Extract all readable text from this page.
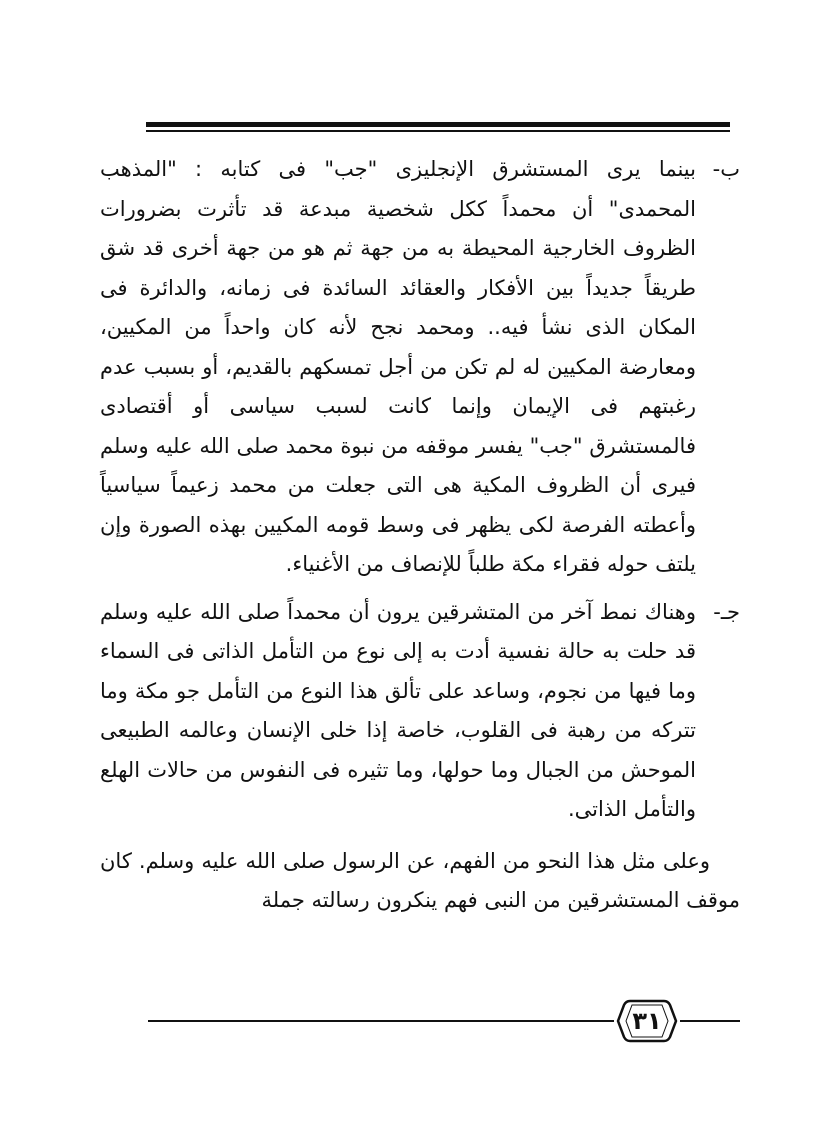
ب-
بينما يرى المستشرق الإنجليزى "جب" فى كتابه : "المذهب المحمدى" أن محمداً ككل شخصية مبدعة قد تأثرت بضرورات الظروف الخارجية المحيطة به من جهة ثم هو من جهة أخرى قد شق طريقاً جديداً بين الأفكار والعقائد السائدة فى زمانه، والدائرة فى المكان الذى نشأ فيه.. ومحمد نجح لأنه كان واحداً من المكيين، ومعارضة المكيين له لم تكن من أجل تمسكهم بالقديم، أو بسبب عدم رغبتهم فى الإيمان وإنما كانت لسبب سياسى أو أقتصادى فالمستشرق "جب" يفسر موقفه من نبوة محمد صلى الله عليه وسلم فيرى أن الظروف المكية هى التى جعلت من محمد زعيماً سياسياً وأعطته الفرصة لكى يظهر فى وسط قومه المكيين بهذه الصورة وإن يلتف حوله فقراء مكة طلباً للإنصاف من الأغنياء.

جـ-
وهناك نمط آخر من المتشرقين يرون أن محمداً صلى الله عليه وسلم قد حلت به حالة نفسية أدت به إلى نوع من التأمل الذاتى فى السماء وما فيها من نجوم، وساعد على تألق هذا النوع من التأمل جو مكة وما تتركه من رهبة فى القلوب، خاصة إذا خلى الإنسان وعالمه الطبيعى الموحش من الجبال وما حولها، وما تثيره فى النفوس من حالات الهلع والتأمل الذاتى.

وعلى مثل هذا النحو من الفهم، عن الرسول صلى الله عليه وسلم. كان موقف المستشرقين من النبى فهم ينكرون رسالته جملة

٣١
